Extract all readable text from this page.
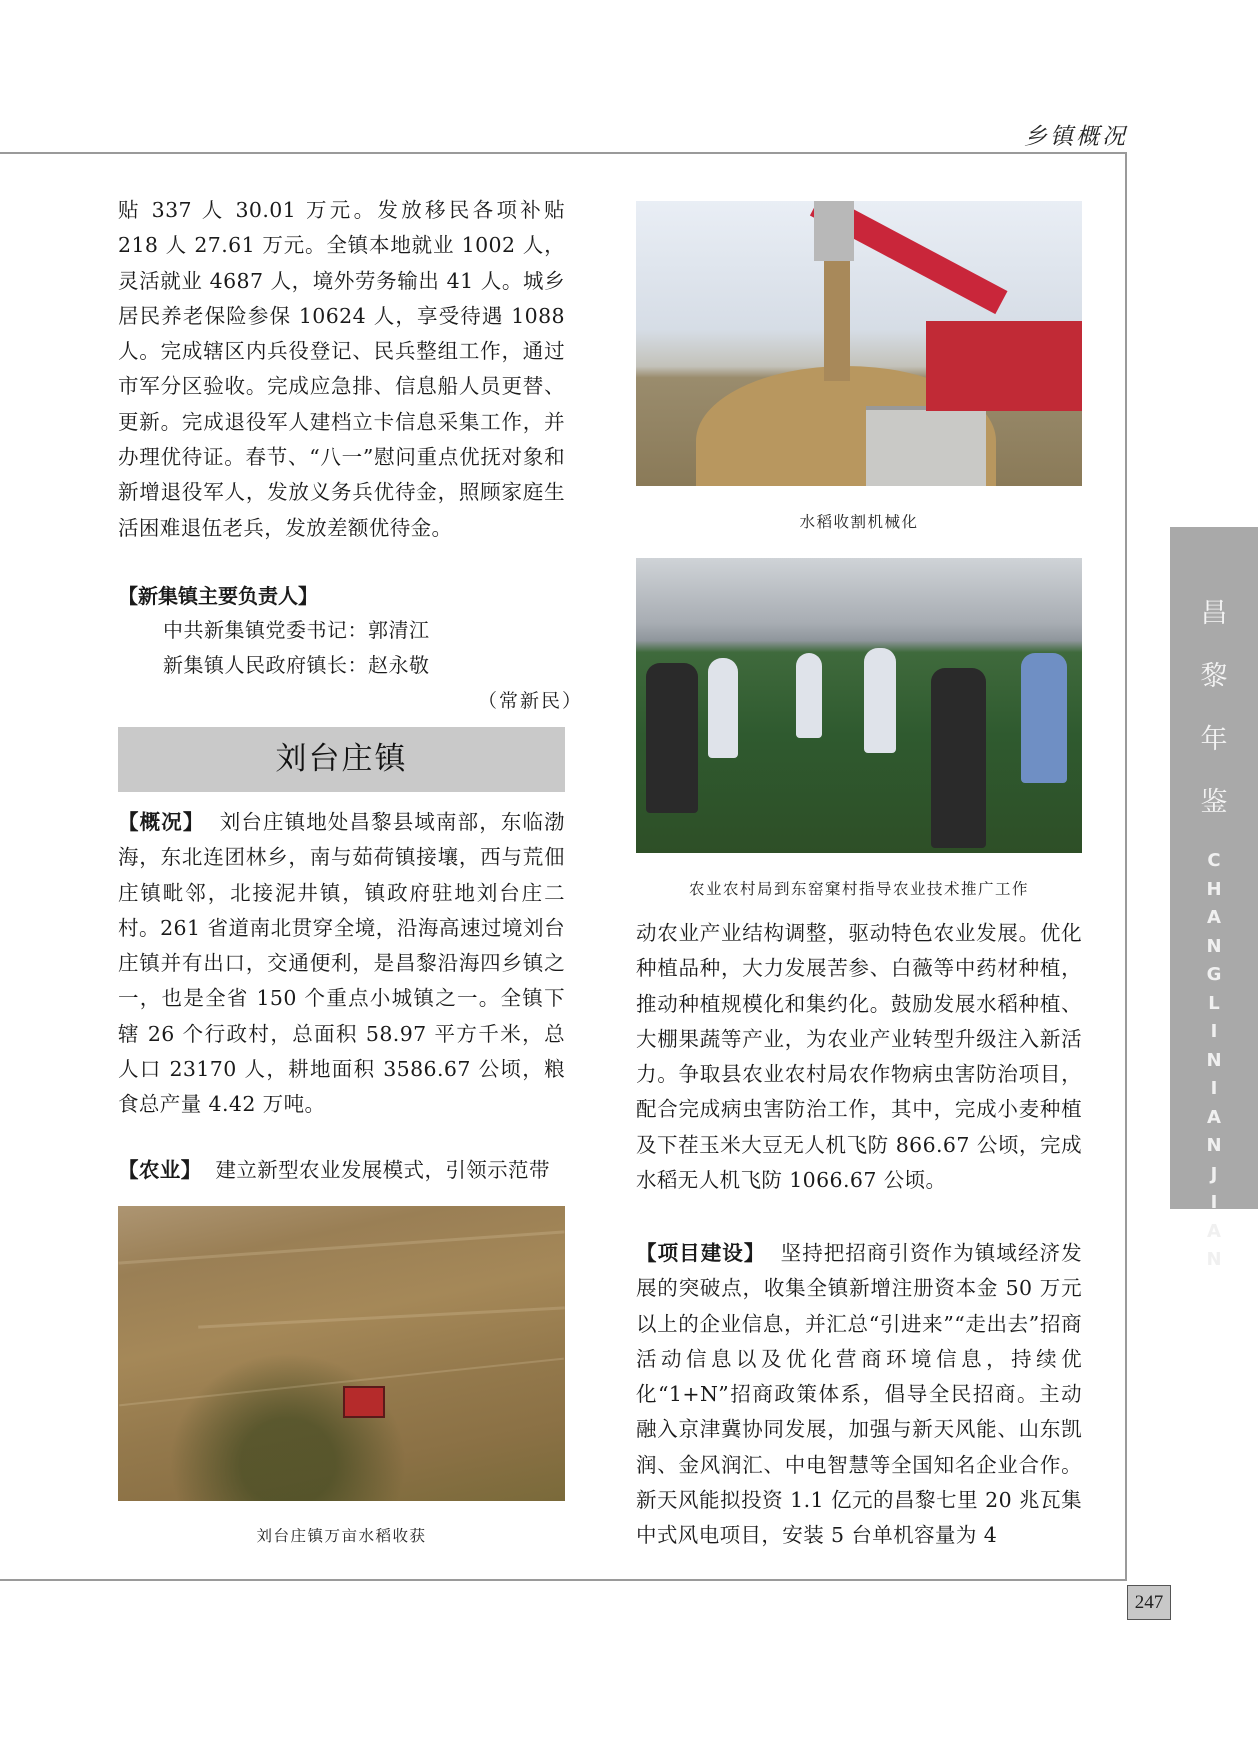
乡镇概况
昌
黎
年
鉴
C
H
A
N
G
L
I
N
I
A
N
J
I
A
N
247

贴 337 人 30.01 万元。发放移民各项补贴 218 人 27.61 万元。全镇本地就业 1002 人，灵活就业 4687 人，境外劳务输出 41 人。城乡居民养老保险参保 10624 人，享受待遇 1088 人。完成辖区内兵役登记、民兵整组工作，通过市军分区验收。完成应急排、信息船人员更替、更新。完成退役军人建档立卡信息采集工作，并办理优待证。春节、“八一”慰问重点优抚对象和新增退役军人，发放义务兵优待金，照顾家庭生活困难退伍老兵，发放差额优待金。

【新集镇主要负责人】
中共新集镇党委书记：郭清江
新集镇人民政府镇长：赵永敬
（常新民）
刘台庄镇

【概况】 刘台庄镇地处昌黎县域南部，东临渤海，东北连团林乡，南与茹荷镇接壤，西与荒佃庄镇毗邻，北接泥井镇，镇政府驻地刘台庄二村。261 省道南北贯穿全境，沿海高速过境刘台庄镇并有出口，交通便利，是昌黎沿海四乡镇之一，也是全省 150 个重点小城镇之一。全镇下辖 26 个行政村，总面积 58.97 平方千米，总人口 23170 人，耕地面积 3586.67 公顷，粮食总产量 4.42 万吨。

【农业】 建立新型农业发展模式，引领示范带

刘台庄镇万亩水稻收获
水稻收割机械化
农业农村局到东窑窠村指导农业技术推广工作

动农业产业结构调整，驱动特色农业发展。优化种植品种，大力发展苦参、白薇等中药材种植，推动种植规模化和集约化。鼓励发展水稻种植、大棚果蔬等产业，为农业产业转型升级注入新活力。争取县农业农村局农作物病虫害防治项目，配合完成病虫害防治工作，其中，完成小麦种植及下茬玉米大豆无人机飞防 866.67 公顷，完成水稻无人机飞防 1066.67 公顷。

【项目建设】 坚持把招商引资作为镇域经济发展的突破点，收集全镇新增注册资本金 50 万元以上的企业信息，并汇总“引进来”“走出去”招商活动信息以及优化营商环境信息，持续优化“1+N”招商政策体系，倡导全民招商。主动融入京津冀协同发展，加强与新天风能、山东凯润、金风润汇、中电智慧等全国知名企业合作。新天风能拟投资 1.1 亿元的昌黎七里 20 兆瓦集中式风电项目，安装 5 台单机容量为 4
